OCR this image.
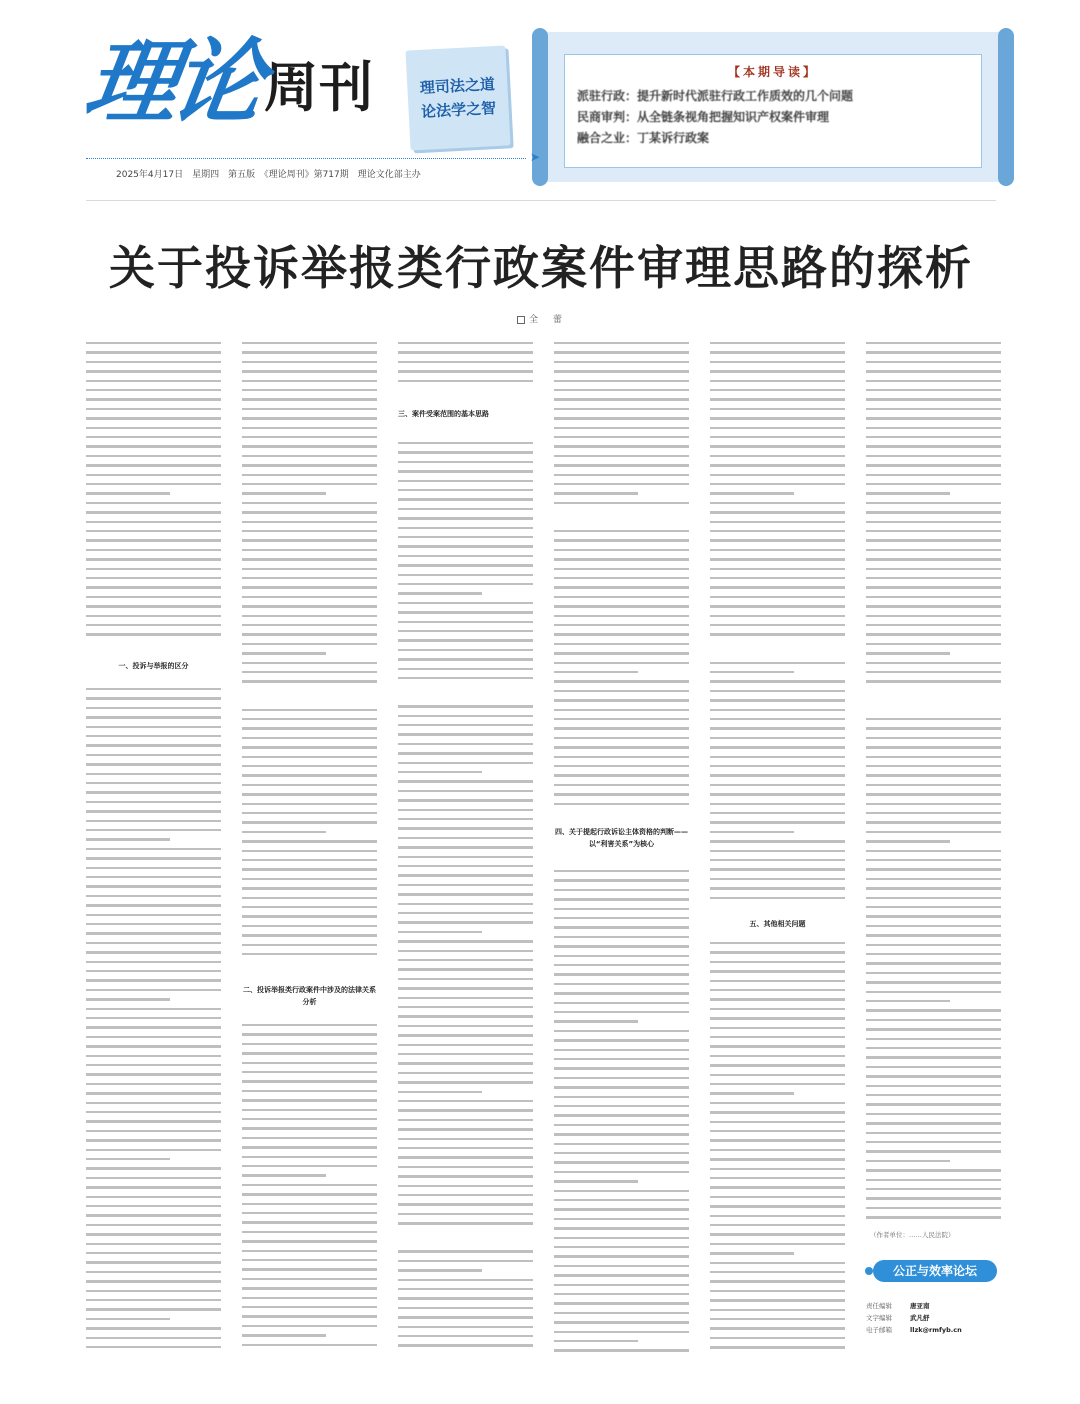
理论
周刊	理司法之道
论法学之智
【本期导读】
派驻行政：提升新时代派驻行政工作质效的几个问题
民商审判：从全链条视角把握知识产权案件审理
融合之业：丁某诉行政案
➤
2025年4月17日　星期四　第五版　《理论周刊》第717期　理论文化部主办
关于投诉举报类行政案件审理思路的探析
全　蕾
一、投诉与举报的区分
二、投诉举报类行政案件中涉及的法律关系分析
三、案件受案范围的基本思路
四、关于提起行政诉讼主体资格的判断——以“利害关系”为核心
五、其他相关问题
（作者单位：……人民法院）
公正与效率论坛
责任编辑	唐亚南
文字编辑	武凡舒
电子邮箱	llzk@rmfyb.cn
